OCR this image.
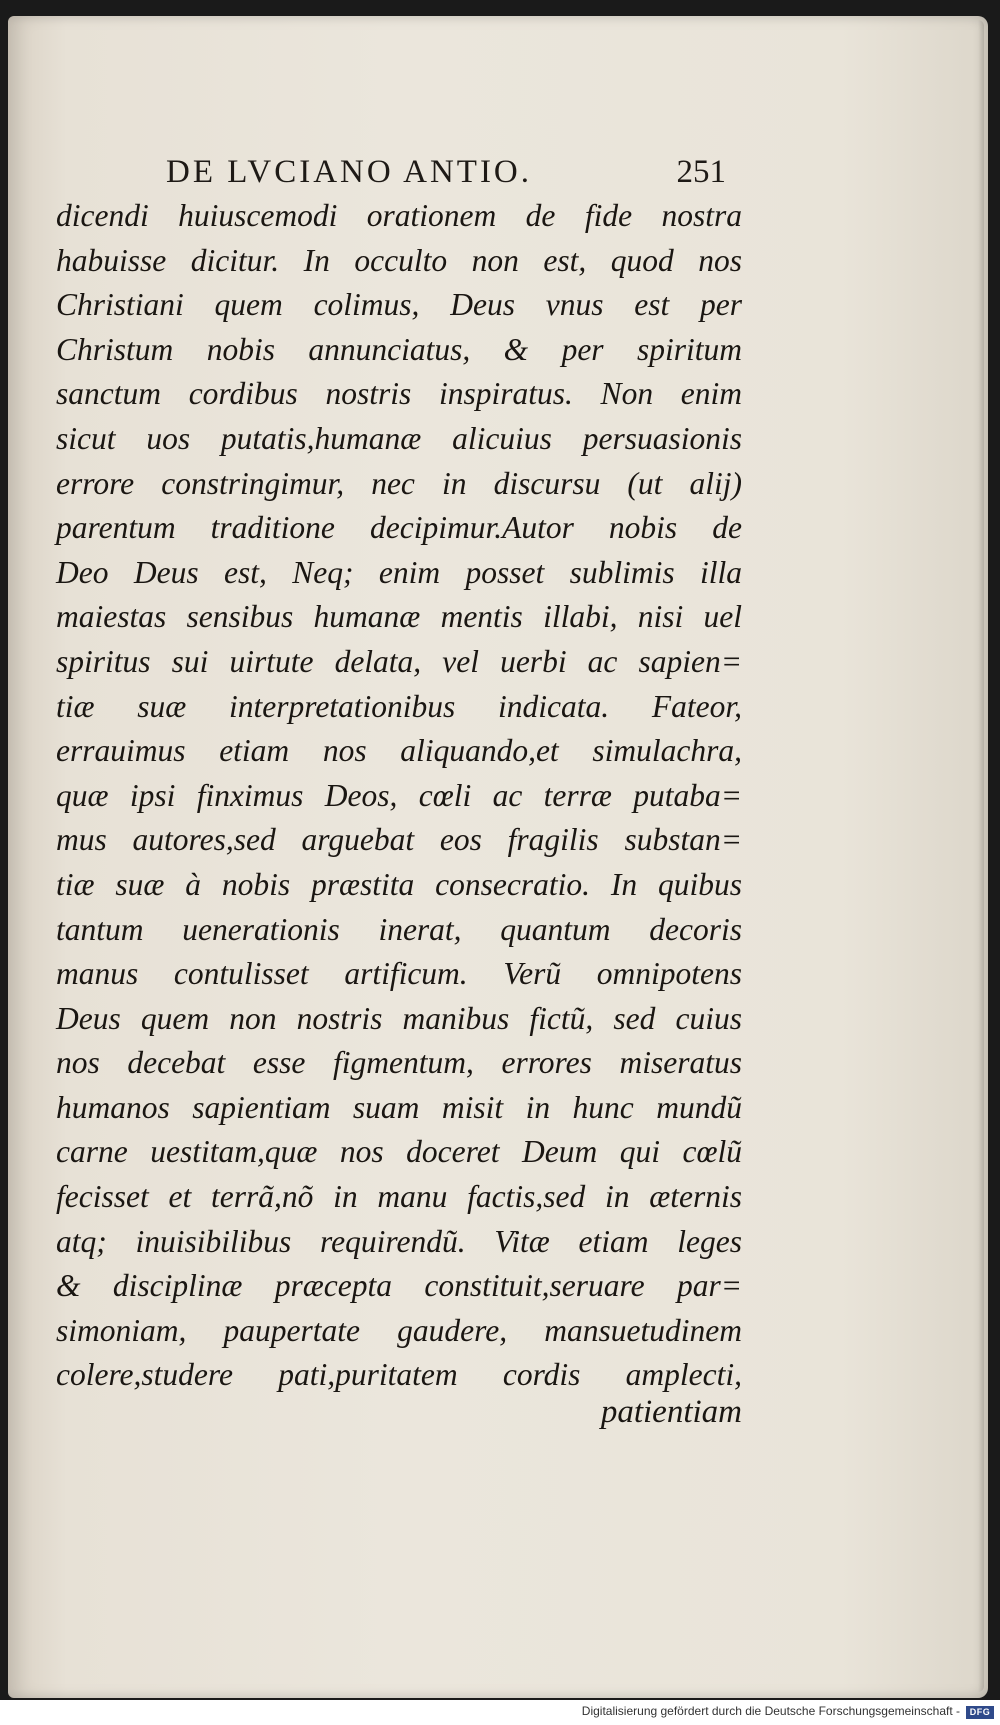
DE LVCIANO ANTIO.	251
dicendi huiuscemodi orationem de fide nostra
habuisse dicitur. In occulto non est, quod nos
Christiani quem colimus, Deus vnus est per
Christum nobis annunciatus, & per spiritum
sanctum cordibus nostris inspiratus. Non enim
sicut uos putatis,humanæ alicuius persuasionis
errore constringimur, nec in discursu (ut alij)
parentum traditione decipimur.Autor nobis de
Deo Deus est, Neq; enim posset sublimis illa
maiestas sensibus humanæ mentis illabi, nisi uel
spiritus sui uirtute delata, vel uerbi ac sapien=
tiæ suæ interpretationibus indicata. Fateor,
errauimus etiam nos aliquando,et simulachra,
quæ ipsi finximus Deos, cœli ac terræ putaba=
mus autores,sed arguebat eos fragilis substan=
tiæ suæ à nobis præstita consecratio. In quibus
tantum uenerationis inerat, quantum decoris
manus contulisset artificum. Verũ omnipotens
Deus quem non nostris manibus fictũ, sed cuius
nos decebat esse figmentum, errores miseratus
humanos sapientiam suam misit in hunc mundũ
carne uestitam,quæ nos doceret Deum qui cœlũ
fecisset et terrã,nõ in manu factis,sed in æternis
atq; inuisibilibus requirendũ. Vitæ etiam leges
& disciplinæ præcepta constituit,seruare par=
simoniam, paupertate gaudere, mansuetudinem
colere,studere pati,puritatem cordis amplecti,
patientiam
Digitalisierung gefördert durch die Deutsche Forschungsgemeinschaft -	DFG
